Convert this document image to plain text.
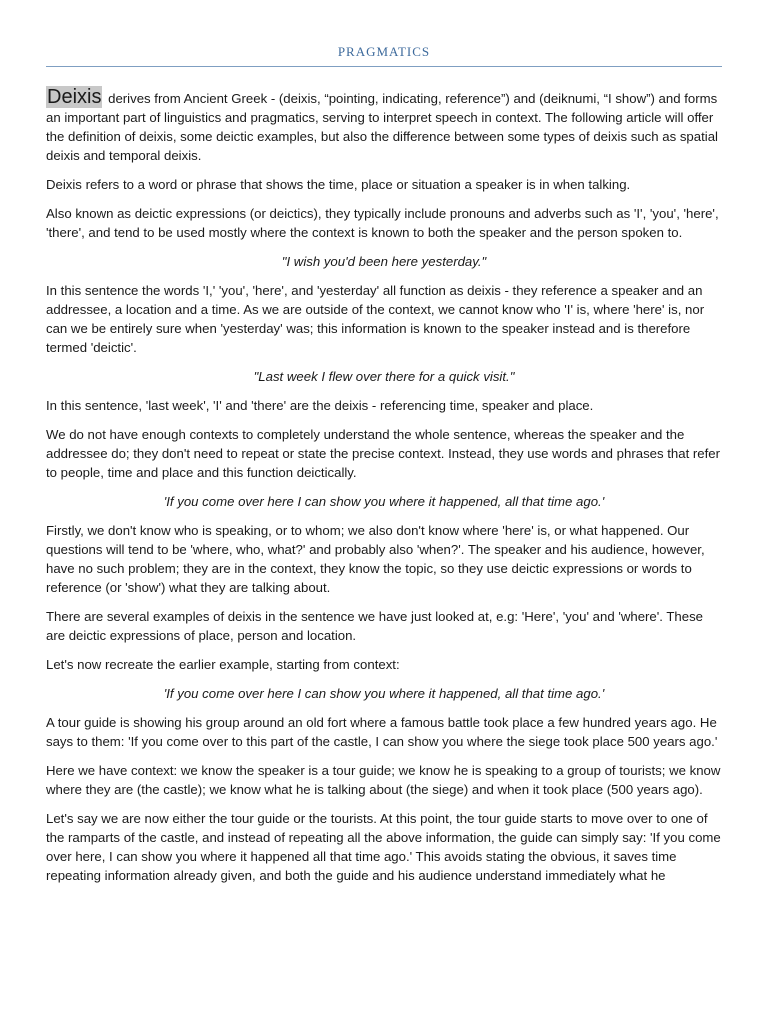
PRAGMATICS

Deixis derives from Ancient Greek - (deixis, “pointing, indicating, reference”) and (deiknumi, “I show”) and forms an important part of linguistics and pragmatics, serving to interpret speech in context. The following article will offer the definition of deixis, some deictic examples, but also the difference between some types of deixis such as spatial deixis and temporal deixis.

Deixis refers to a word or phrase that shows the time, place or situation a speaker is in when talking.

Also known as deictic expressions (or deictics), they typically include pronouns and adverbs such as 'I', 'you', 'here', 'there', and tend to be used mostly where the context is known to both the speaker and the person spoken to.

"I wish you'd been here yesterday."

In this sentence the words 'I,' 'you', 'here', and 'yesterday' all function as deixis - they reference a speaker and an addressee, a location and a time. As we are outside of the context, we cannot know who 'I' is, where 'here' is, nor can we be entirely sure when 'yesterday' was; this information is known to the speaker instead and is therefore termed 'deictic'.

"Last week I flew over there for a quick visit."

In this sentence, 'last week', 'I' and 'there' are the deixis - referencing time, speaker and place.

We do not have enough contexts to completely understand the whole sentence, whereas the speaker and the addressee do; they don't need to repeat or state the precise context. Instead, they use words and phrases that refer to people, time and place and this function deictically.

'If you come over here I can show you where it happened, all that time ago.'

Firstly, we don't know who is speaking, or to whom; we also don't know where 'here' is, or what happened. Our questions will tend to be 'where, who, what?' and probably also 'when?'. The speaker and his audience, however, have no such problem; they are in the context, they know the topic, so they use deictic expressions or words to reference (or 'show') what they are talking about.

There are several examples of deixis in the sentence we have just looked at, e.g: 'Here', 'you' and 'where'. These are deictic expressions of place, person and location.

Let's now recreate the earlier example, starting from context:

'If you come over here I can show you where it happened, all that time ago.'

A tour guide is showing his group around an old fort where a famous battle took place a few hundred years ago. He says to them: 'If you come over to this part of the castle, I can show you where the siege took place 500 years ago.'

Here we have context: we know the speaker is a tour guide; we know he is speaking to a group of tourists; we know where they are (the castle); we know what he is talking about (the siege) and when it took place (500 years ago).

Let's say we are now either the tour guide or the tourists. At this point, the tour guide starts to move over to one of the ramparts of the castle, and instead of repeating all the above information, the guide can simply say: 'If you come over here, I can show you where it happened all that time ago.' This avoids stating the obvious, it saves time repeating information already given, and both the guide and his audience understand immediately what he
